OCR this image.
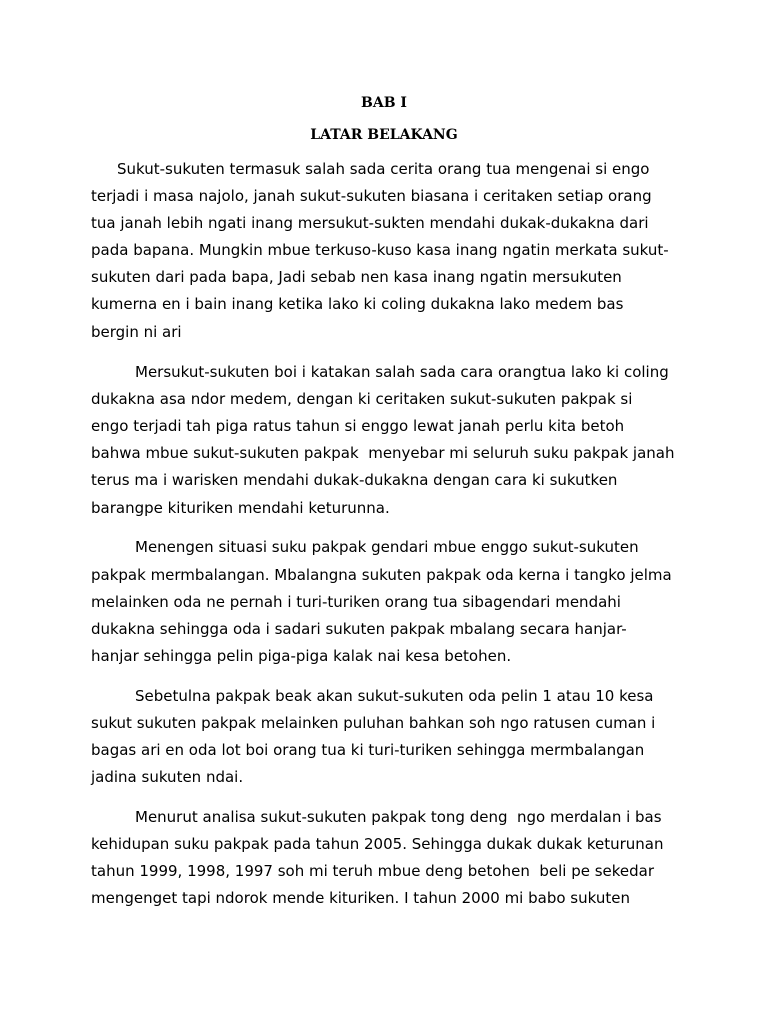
BAB I
LATAR BELAKANG
Sukut-sukuten termasuk salah sada cerita orang tua mengenai si engo
terjadi i masa najolo, janah sukut-sukuten biasana i ceritaken setiap orang
tua janah lebih ngati inang mersukut-sukten mendahi dukak-dukakna dari
pada bapana. Mungkin mbue terkuso-kuso kasa inang ngatin merkata sukut-
sukuten dari pada bapa, Jadi sebab nen kasa inang ngatin mersukuten
kumerna en i bain inang ketika lako ki coling dukakna lako medem bas
bergin ni ari
Mersukut-sukuten boi i katakan salah sada cara orangtua lako ki coling
dukakna asa ndor medem, dengan ki ceritaken sukut-sukuten pakpak si
engo terjadi tah piga ratus tahun si enggo lewat janah perlu kita betoh
bahwa mbue sukut-sukuten pakpak  menyebar mi seluruh suku pakpak janah
terus ma i warisken mendahi dukak-dukakna dengan cara ki sukutken
barangpe kituriken mendahi keturunna.
Menengen situasi suku pakpak gendari mbue enggo sukut-sukuten
pakpak mermbalangan. Mbalangna sukuten pakpak oda kerna i tangko jelma
melainken oda ne pernah i turi-turiken orang tua sibagendari mendahi
dukakna sehingga oda i sadari sukuten pakpak mbalang secara hanjar-
hanjar sehingga pelin piga-piga kalak nai kesa betohen.
Sebetulna pakpak beak akan sukut-sukuten oda pelin 1 atau 10 kesa
sukut sukuten pakpak melainken puluhan bahkan soh ngo ratusen cuman i
bagas ari en oda lot boi orang tua ki turi-turiken sehingga mermbalangan
jadina sukuten ndai.
Menurut analisa sukut-sukuten pakpak tong deng  ngo merdalan i bas
kehidupan suku pakpak pada tahun 2005. Sehingga dukak dukak keturunan
tahun 1999, 1998, 1997 soh mi teruh mbue deng betohen  beli pe sekedar
mengenget tapi ndorok mende kituriken. I tahun 2000 mi babo sukuten
